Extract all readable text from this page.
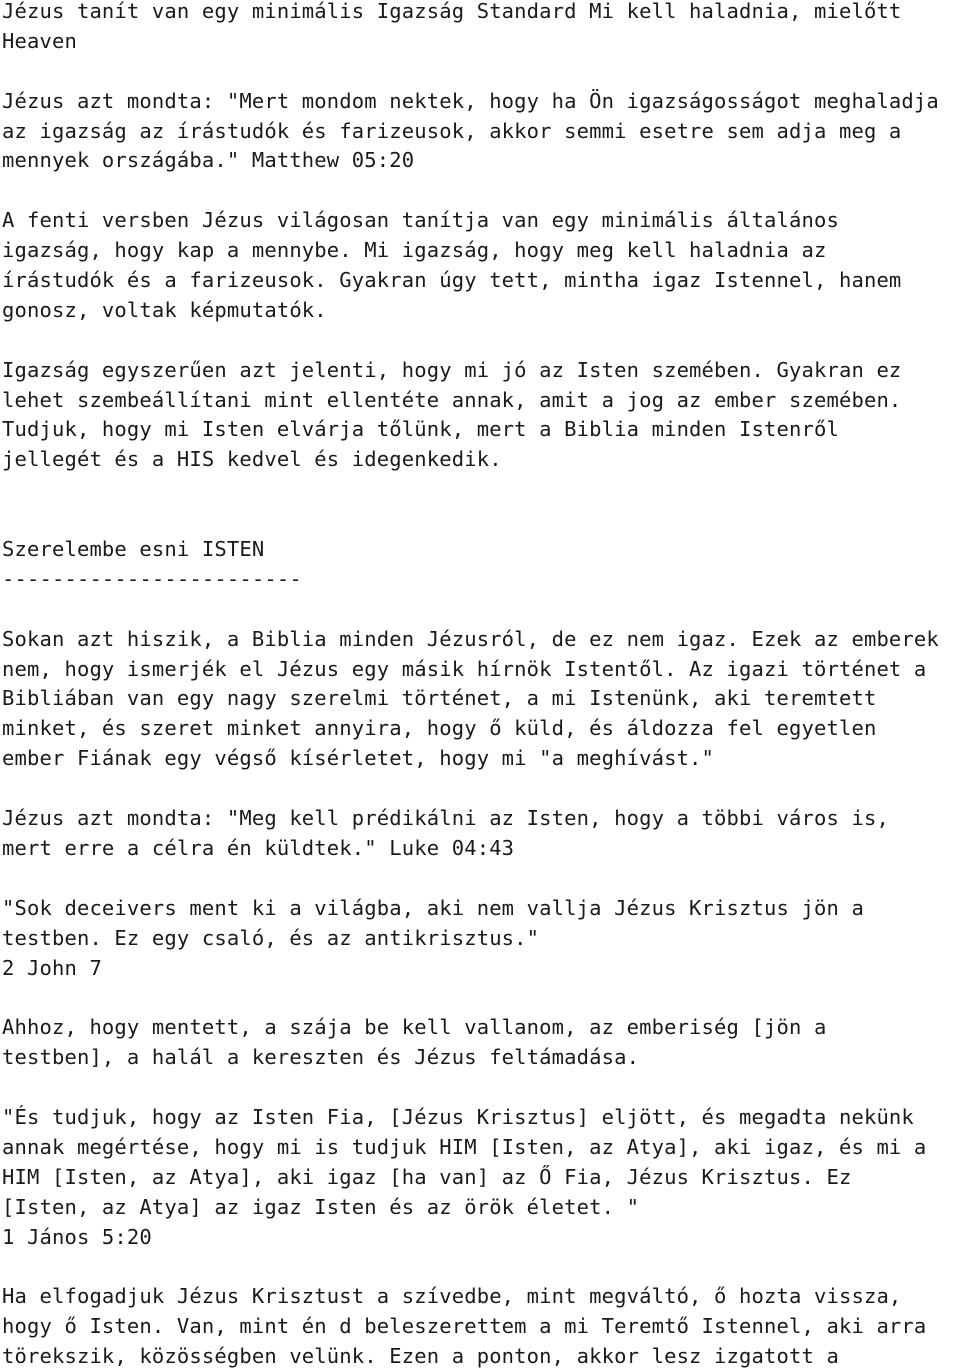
Jézus tanít van egy minimális Igazság Standard Mi kell haladnia, mielőtt
Heaven
Jézus azt mondta: "Mert mondom nektek, hogy ha Ön igazságosságot meghaladja
az igazság az írástudók és farizeusok, akkor semmi esetre sem adja meg a
mennyek országába." Matthew 05:20
A fenti versben Jézus világosan tanítja van egy minimális általános
igazság, hogy kap a mennybe. Mi igazság, hogy meg kell haladnia az
írástudók és a farizeusok. Gyakran úgy tett, mintha igaz Istennel, hanem
gonosz, voltak képmutatók.
Igazság egyszerűen azt jelenti, hogy mi jó az Isten szemében. Gyakran ez
lehet szembeállítani mint ellentéte annak, amit a jog az ember szemében.
Tudjuk, hogy mi Isten elvárja tőlünk, mert a Biblia minden Istenről
jellegét és a HIS kedvel és idegenkedik.
Szerelembe esni ISTEN
------------------------
Sokan azt hiszik, a Biblia minden Jézusról, de ez nem igaz. Ezek az emberek
nem, hogy ismerjék el Jézus egy másik hírnök Istentől. Az igazi történet a
Bibliában van egy nagy szerelmi történet, a mi Istenünk, aki teremtett
minket, és szeret minket annyira, hogy ő küld, és áldozza fel egyetlen
ember Fiának egy végső kísérletet, hogy mi "a meghívást."
Jézus azt mondta: "Meg kell prédikálni az Isten, hogy a többi város is,
mert erre a célra én küldtek." Luke 04:43
"Sok deceivers ment ki a világba, aki nem vallja Jézus Krisztus jön a
testben. Ez egy csaló, és az antikrisztus."
2 John 7
Ahhoz, hogy mentett, a szája be kell vallanom, az emberiség [jön a
testben], a halál a kereszten és Jézus feltámadása.
"És tudjuk, hogy az Isten Fia, [Jézus Krisztus] eljött, és megadta nekünk
annak megértése, hogy mi is tudjuk HIM [Isten, az Atya], aki igaz, és mi a
HIM [Isten, az Atya], aki igaz [ha van] az Ő Fia, Jézus Krisztus. Ez
[Isten, az Atya] az igaz Isten és az örök életet. "
1 János 5:20
Ha elfogadjuk Jézus Krisztust a szívedbe, mint megváltó, ő hozta vissza,
hogy ő Isten. Van, mint én d beleszerettem a mi Teremtő Istennel, aki arra
törekszik, közösségben velünk. Ezen a ponton, akkor lesz izgatott a
